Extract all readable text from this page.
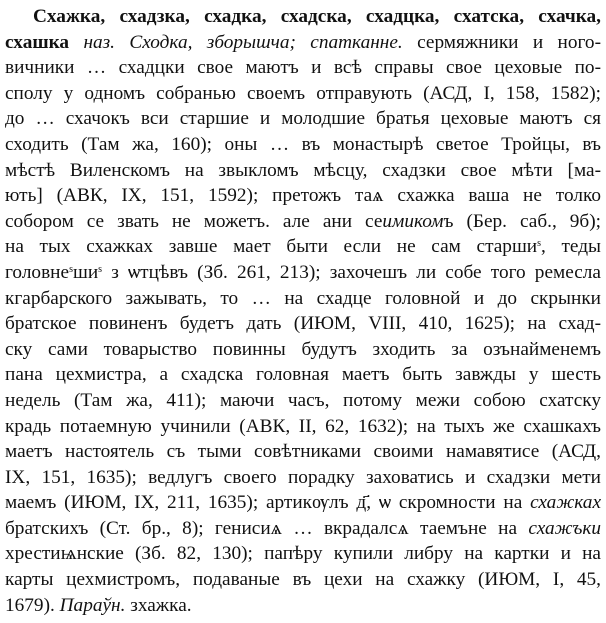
Схажка, схадзка, схадка, схадска, схадцка, схатска, схачка,
схашка наз. Сходка, зборышча; спатканне. сермяжники и ного-
вичники … схадцки свое маютъ и всѣ справы свое цеховые по-
сполу у одномъ собранью своемъ отправують (АСД, I, 158, 1582);
до … схачокъ вси старшие и молодшие братья цеховые маютъ ся
сходить (Там жа, 160); оны … въ монастырѣ светое Тройцы, въ
мѣстѣ Виленскомъ на звыкломъ мѣсцу, схадзки свое мѣти [ма-
ють] (АВК, IX, 151, 1592); претожъ таѧ схажка ваша не толко
собором се звать не можетъ. але ани сеимикомъ (Бер. саб., 9б);
на тых схажках завше мает быти если не сам старши$^s$, теды
$головне^sши^s$ з ѡтцѣвъ (Зб. 261, 213); захочешъ ли собе того ремесла
кгарбарского зажывать, то … на схадце головной и до скрынки
братское повиненъ будетъ дать (ИЮМ, VIII, 410, 1625); на схад-
ску сами товарыство повинны будутъ зходить за озънайменемъ
пана цехмистра, а схадска головная маетъ быть завжды у шесть
недель (Там жа, 411); маючи часъ, потому межи собою схатску
крадь потаемную учинили (АВК, II, 62, 1632); на тыхъ же схашкахъ
маетъ настоятель съ тыми совѣтниками своими намавятисе (АСД,
IX, 151, 1635); ведлугъ своего порадку заховатись и схадзки мети
маемъ (ИЮМ, IX, 211, 1635); артикѹлъ д҃, ѡ скромности на схажках
братскихъ (Ст. бр., 8); генисиѧ … вкрадалсѧ таемъне на схажъки
хрестиѩнские (Зб. 82, 130); папѣру купили либру на картки и на
карты цехмистромъ, подаваные въ цехи на схажку (ИЮМ, I, 45,
1679). Параўн. зхажка.
